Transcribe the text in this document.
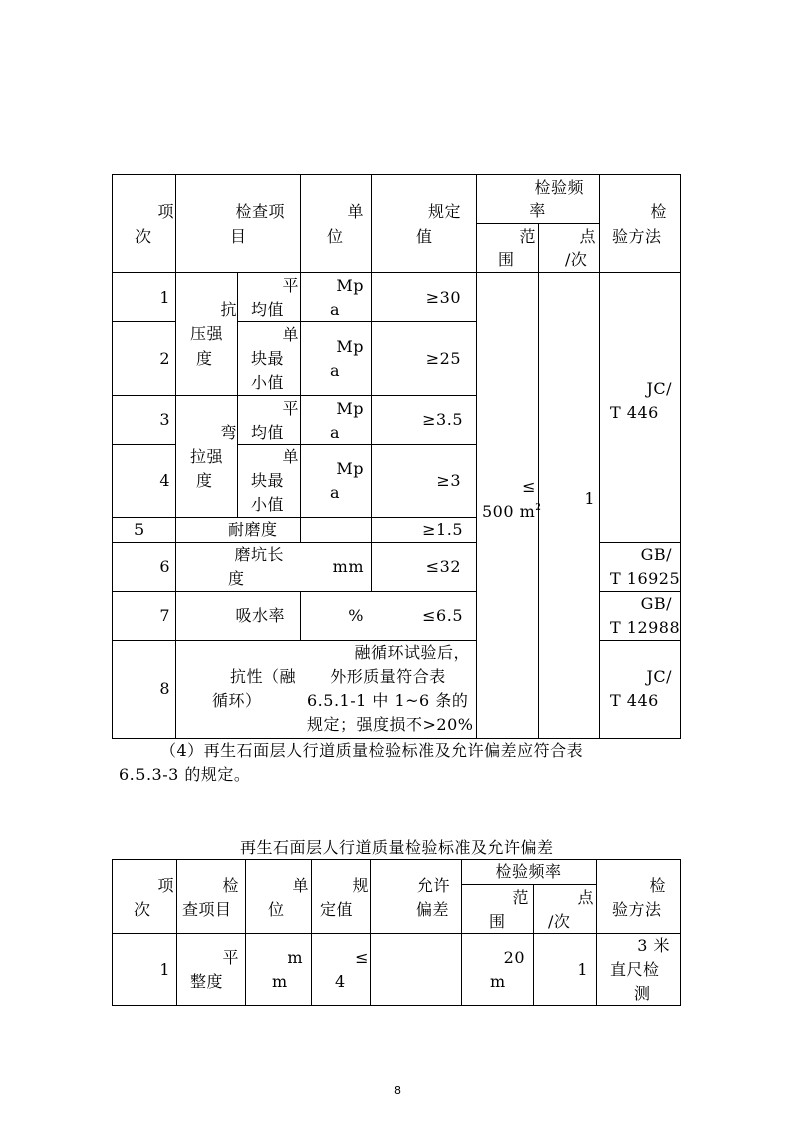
项
次
检查项
目
单
位
规定
值
检验频
率
范
围
点
/次
检
验方法
1
2
3
4
5
6
7
8
抗
压强
度
平
均值
单
块最
小值
弯
拉强
度
平
均值
单
块最
小值
Mp
a
Mp
a
Mp
a
Mp
a
mm
%
≥30
≥25
≥3.5
≥3
≥1.5
≤32
≤6.5
耐磨度
磨坑长
度
吸水率
抗性（融
循环）
融循环试验后，
外形质量符合表
6.5.1-1 中 1~6 条的
规定；强度损不>20%
≤
500 $m^2$	1
JC/
T 446
GB/
T 16925
GB/
T 12988
JC/
T 446
（4）再生石面层人行道质量检验标准及允许偏差应符合表
6.5.3-3 的规定。
再生石面层人行道质量检验标准及允许偏差
项
次
检
查项目
单
位
规
定值
允许
偏差
检验频率
范
围
点
/次
检
验方法
1
平
整度
m
m
≤
4
20
m
1
3 米
直尺检
测
8
